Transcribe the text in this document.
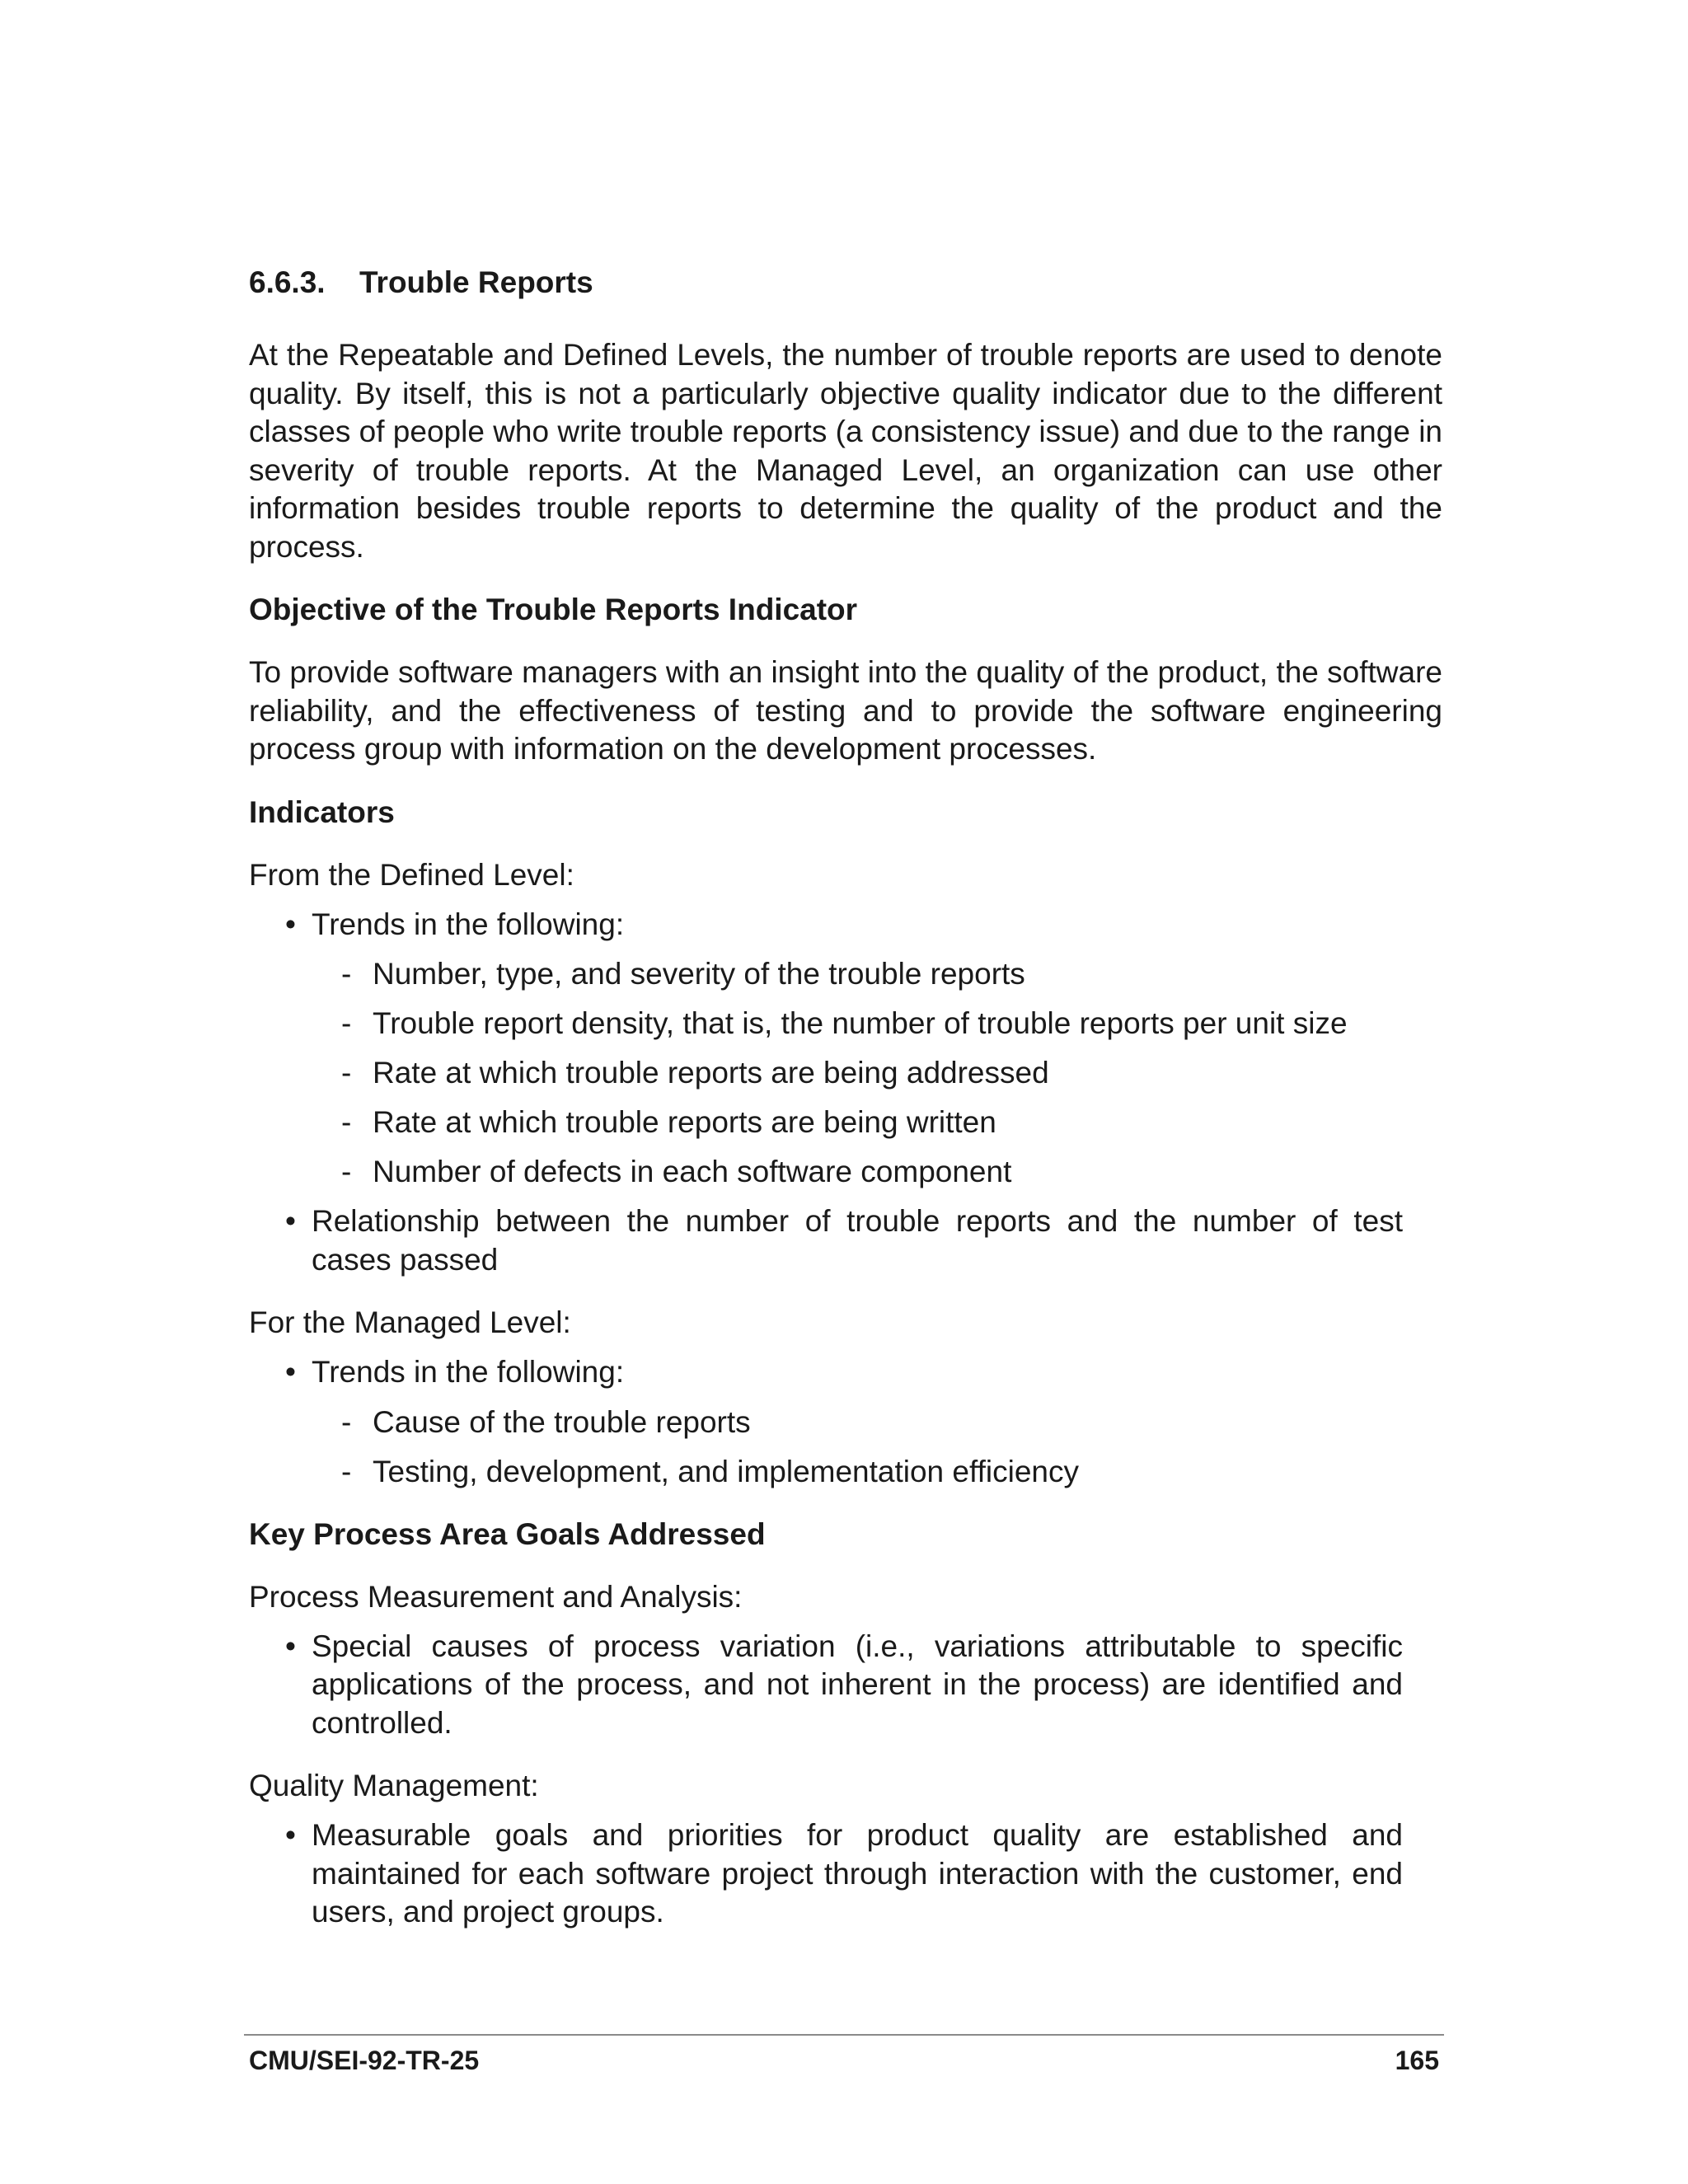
6.6.3. Trouble Reports

At the Repeatable and Defined Levels, the number of trouble reports are used to denote quality. By itself, this is not a particularly objective quality indicator due to the different classes of people who write trouble reports (a consistency issue) and due to the range in severity of trouble reports. At the Managed Level, an organization can use other information besides trouble reports to determine the quality of the product and the process.

Objective of the Trouble Reports Indicator

To provide software managers with an insight into the quality of the product, the software reliability, and the effectiveness of testing and to provide the software engineering process group with information on the development processes.

Indicators
From the Defined Level:
• Trends in the following:
- Number, type, and severity of the trouble reports
- Trouble report density, that is, the number of trouble reports per unit size
- Rate at which trouble reports are being addressed
- Rate at which trouble reports are being written
- Number of defects in each software component
• Relationship between the number of trouble reports and the number of test cases passed
For the Managed Level:
• Trends in the following:
- Cause of the trouble reports
- Testing, development, and implementation efficiency
Key Process Area Goals Addressed
Process Measurement and Analysis:
• Special causes of process variation (i.e., variations attributable to specific applications of the process, and not inherent in the process) are identified and controlled.
Quality Management:
• Measurable goals and priorities for product quality are established and maintained for each software project through interaction with the customer, end users, and project groups.
CMU/SEI-92-TR-25	165
